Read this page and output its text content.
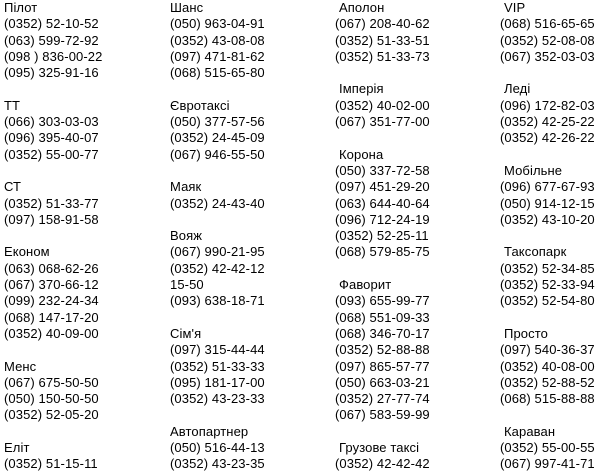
Пілот
(0352) 52-10-52
(063) 599-72-92
(098 ) 836-00-22
(095) 325-91-16
ТТ
(066) 303-03-03
(096) 395-40-07
(0352) 55-00-77
СТ
(0352) 51-33-77
(097) 158-91-58
Економ
(063) 068-62-26
(067) 370-66-12
(099) 232-24-34
(068) 147-17-20
(0352) 40-09-00
Менс
(067) 675-50-50
(050) 150-50-50
(0352) 52-05-20
Еліт
(0352) 51-15-11
Шанс
(050) 963-04-91
(0352) 43-08-08
(097) 471-81-62
(068) 515-65-80
Євротаксі
(050) 377-57-56
(0352) 24-45-09
(067) 946-55-50
Маяк
(0352) 24-43-40
Вояж
(067) 990-21-95
(0352) 42-42-12
15-50
(093) 638-18-71
Сім'я
(097) 315-44-44
(0352) 51-33-33
(095) 181-17-00
(0352) 43-23-33
Автопартнер
(050) 516-44-13
(0352) 43-23-35
Аполон
(067) 208-40-62
(0352) 51-33-51
(0352) 51-33-73
Імперія
(0352) 40-02-00
(067) 351-77-00
Корона
(050) 337-72-58
(097) 451-29-20
(063) 644-40-64
(096) 712-24-19
(0352) 52-25-11
(068) 579-85-75
Фаворит
(093) 655-99-77
(068) 551-09-33
(068) 346-70-17
(0352) 52-88-88
(097) 865-57-77
(050) 663-03-21
(0352) 27-77-74
(067) 583-59-99
Грузове таксі
(0352) 42-42-42
VIP
(068) 516-65-65
(0352) 52-08-08
(067) 352-03-03
Леді
(096) 172-82-03
(0352) 42-25-22
(0352) 42-26-22
Мобільне
(096) 677-67-93
(050) 914-12-15
(0352) 43-10-20
Таксопарк
(0352) 52-34-85
(0352) 52-33-94
(0352) 52-54-80
Просто
(097) 540-36-37
(0352) 40-08-00
(0352) 52-88-52
(068) 515-88-88
Караван
(0352) 55-00-55
(067) 997-41-71
